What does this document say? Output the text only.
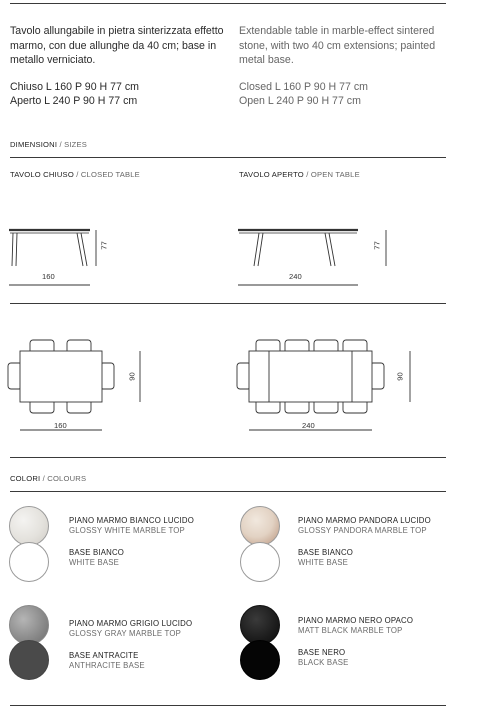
Tavolo allungabile in pietra sinterizzata effetto marmo, con due allunghe da 40 cm; base in metallo verniciato.

Chiuso L 160 P 90 H 77 cm

Aperto L 240 P 90 H 77 cm

Extendable table in marble-effect sintered stone, with two 40 cm extensions; painted metal base.

Closed L 160 P 90 H 77 cm

Open L 240 P 90 H 77 cm

DIMENSIONI / SIZES
TAVOLO CHIUSO / CLOSED TABLE	TAVOLO APERTO / OPEN TABLE
160
77
240
77
90
160
90
240
COLORI / COLOURS
PIANO MARMO BIANCO LUCIDO
GLOSSY WHITE MARBLE TOP
BASE BIANCO
WHITE BASE
PIANO MARMO PANDORA LUCIDO
GLOSSY PANDORA MARBLE TOP
BASE BIANCO
WHITE BASE
PIANO MARMO GRIGIO LUCIDO
GLOSSY GRAY MARBLE TOP
BASE ANTRACITE
ANTHRACITE BASE
PIANO MARMO NERO OPACO
MATT BLACK MARBLE TOP
BASE NERO
BLACK BASE
